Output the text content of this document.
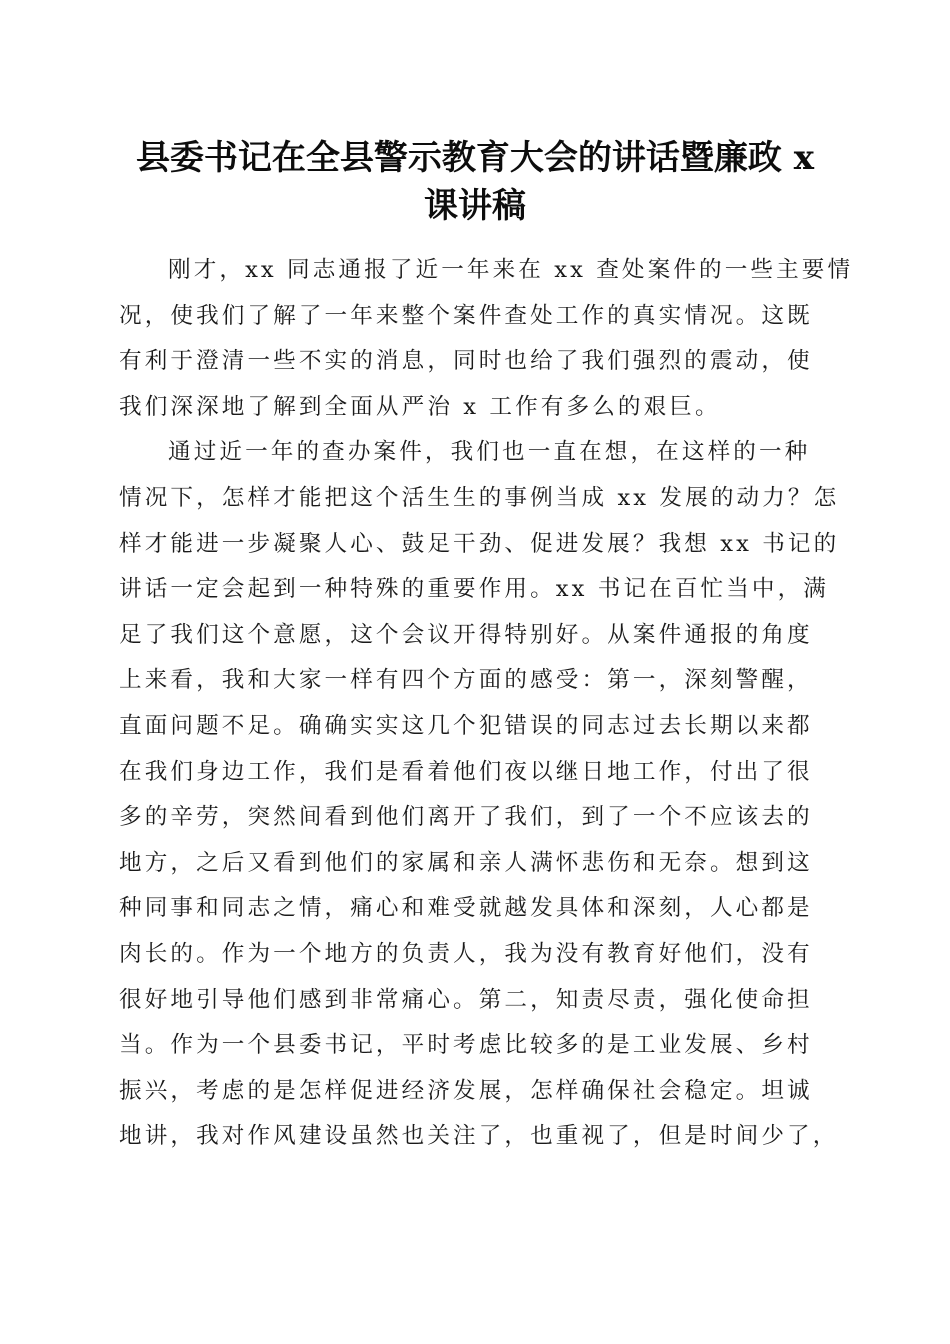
县委书记在全县警示教育大会的讲话暨廉政 x
课讲稿
刚才，xx 同志通报了近一年来在 xx 查处案件的一些主要情
况，使我们了解了一年来整个案件查处工作的真实情况。这既
有利于澄清一些不实的消息，同时也给了我们强烈的震动，使
我们深深地了解到全面从严治 x 工作有多么的艰巨。
通过近一年的查办案件，我们也一直在想，在这样的一种
情况下，怎样才能把这个活生生的事例当成 xx 发展的动力？怎
样才能进一步凝聚人心、鼓足干劲、促进发展？我想 xx 书记的
讲话一定会起到一种特殊的重要作用。xx 书记在百忙当中，满
足了我们这个意愿，这个会议开得特别好。从案件通报的角度
上来看，我和大家一样有四个方面的感受：第一，深刻警醒，
直面问题不足。确确实实这几个犯错误的同志过去长期以来都
在我们身边工作，我们是看着他们夜以继日地工作，付出了很
多的辛劳，突然间看到他们离开了我们，到了一个不应该去的
地方，之后又看到他们的家属和亲人满怀悲伤和无奈。想到这
种同事和同志之情，痛心和难受就越发具体和深刻，人心都是
肉长的。作为一个地方的负责人，我为没有教育好他们，没有
很好地引导他们感到非常痛心。第二，知责尽责，强化使命担
当。作为一个县委书记，平时考虑比较多的是工业发展、乡村
振兴，考虑的是怎样促进经济发展，怎样确保社会稳定。坦诚
地讲，我对作风建设虽然也关注了，也重视了，但是时间少了，
